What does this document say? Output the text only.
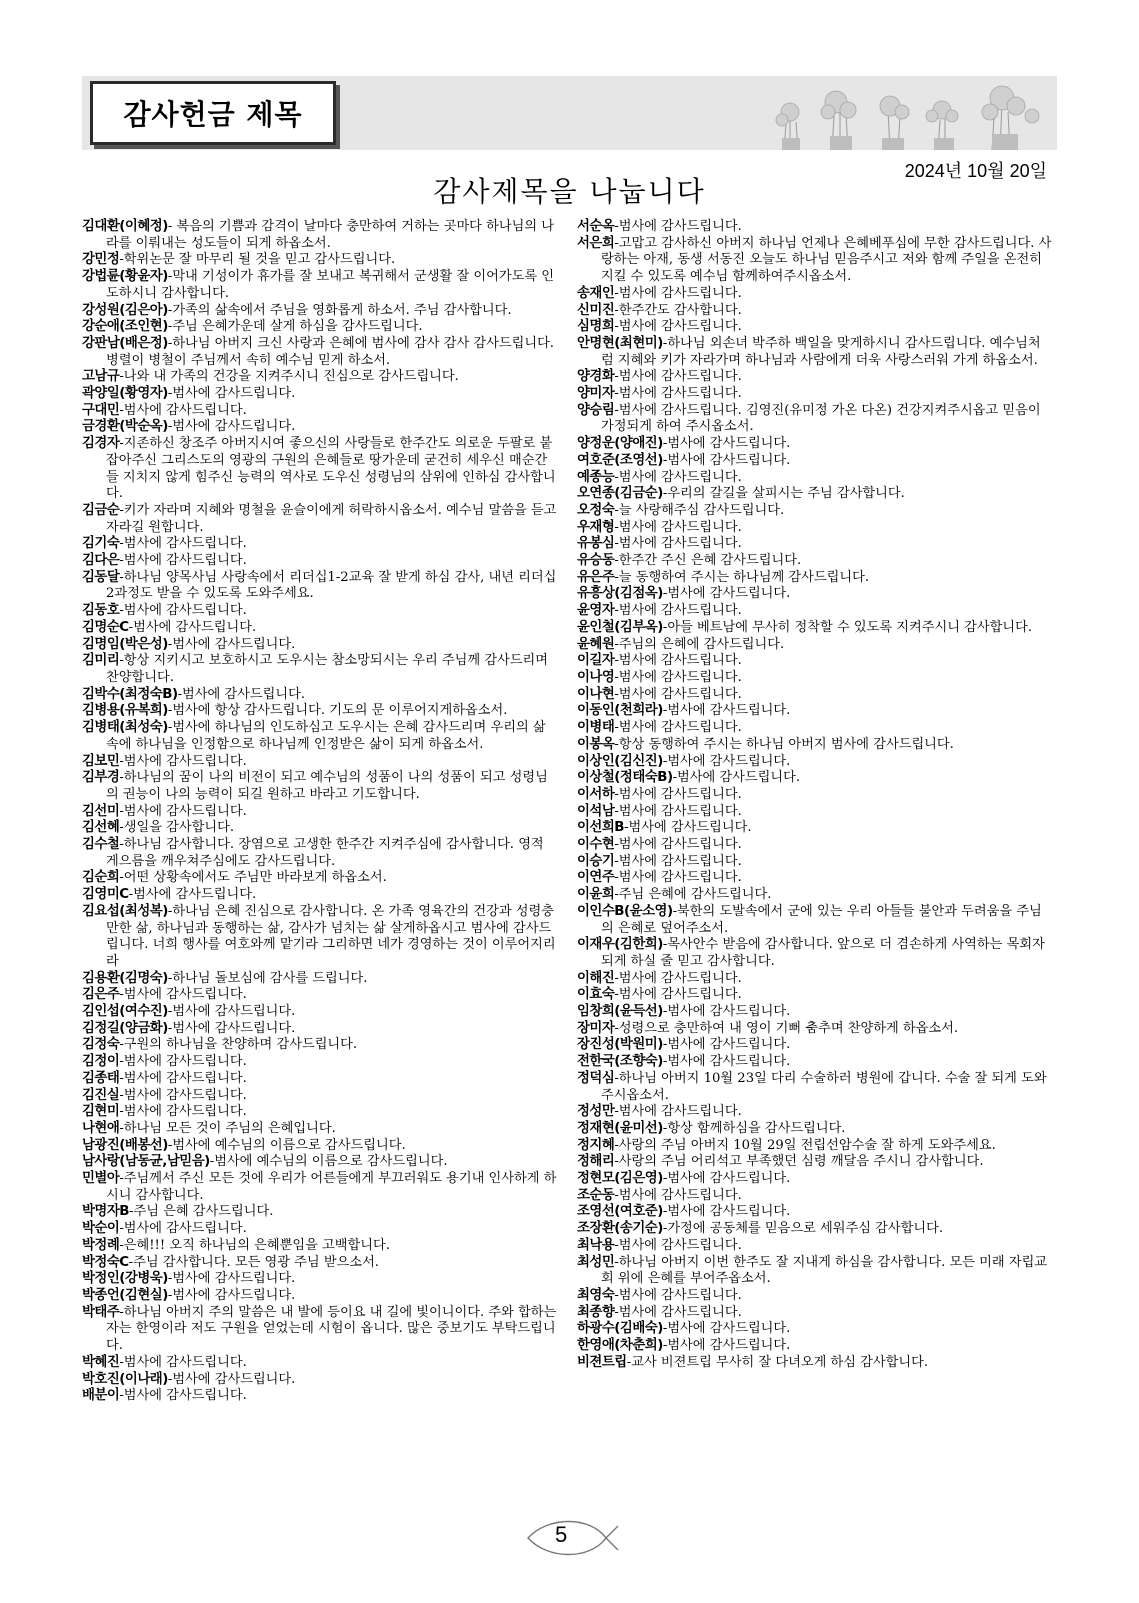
감사헌금 제목
2024년 10월 20일
감사제목을 나눕니다

김대환(이혜정)- 복음의 기쁨과 감격이 날마다 충만하여 거하는 곳마다 하나님의 나라를 이뤄내는 성도들이 되게 하옵소서.

강민정-학위논문 잘 마무리 될 것을 믿고 감사드립니다.

강법륜(황윤자)-막내 기성이가 휴가를 잘 보내고 복귀해서 군생활 잘 이어가도록 인도하시니 감사합니다.

강성원(김은아)-가족의 삶속에서 주님을 영화롭게 하소서. 주님 감사합니다.

강순애(조인현)-주님 은혜가운데 살게 하심을 감사드립니다.

강판남(배은정)-하나님 아버지 크신 사랑과 은혜에 범사에 감사 감사 감사드립니다. 병렬이 병철이 주님께서 속히 예수님 믿게 하소서.

고남규-나와 내 가족의 건강을 지켜주시니 진심으로 감사드립니다.

곽양일(황영자)-범사에 감사드립니다.

구대민-범사에 감사드립니다.

금경환(박순옥)-범사에 감사드립니다.

김경자-지존하신 창조주 아버지시여 좋으신의 사랑들로 한주간도 의로운 두팔로 붙잡아주신 그리스도의 영광의 구원의 은혜들로 땅가운데 굳건히 세우신 매순간들 지치지 않게 힘주신 능력의 역사로 도우신 성령님의 삼위에 인하심 감사합니다.

김금순-키가 자라며 지혜와 명철을 윤슬이에게 허락하시옵소서. 예수님 말씀을 듣고 자라길 원합니다.

김기숙-범사에 감사드립니다.

김다은-범사에 감사드립니다.

김동달-하나님 양목사님 사랑속에서 리더십1-2교육 잘 받게 하심 감사, 내년 리더십2과정도 받을 수 있도록 도와주세요.

김동호-범사에 감사드립니다.

김명순C-범사에 감사드립니다.

김명임(박은성)-범사에 감사드립니다.

김미리-항상 지키시고 보호하시고 도우시는 참소망되시는 우리 주님께 감사드리며 찬양합니다.

김박수(최정숙B)-범사에 감사드립니다.

김병용(유복희)-범사에 항상 감사드립니다. 기도의 문 이루어지게하옵소서.

김병태(최성숙)-범사에 하나님의 인도하심고 도우시는 은혜 감사드리며 우리의 삶속에 하나님을 인정함으로 하나님께 인정받은 삶이 되게 하옵소서.

김보민-범사에 감사드립니다.

김부경-하나님의 꿈이 나의 비전이 되고 예수님의 성품이 나의 성품이 되고 성령님의 권능이 나의 능력이 되길 원하고 바라고 기도합니다.

김선미-범사에 감사드립니다.

김선혜-생일을 감사합니다.

김수철-하나님 감사합니다. 장염으로 고생한 한주간 지켜주심에 감사합니다. 영적 게으름을 깨우쳐주심에도 감사드립니다.

김순희-어떤 상황속에서도 주님만 바라보게 하옵소서.

김영미C-범사에 감사드립니다.

김요섭(최성복)-하나님 은혜 진심으로 감사합니다. 온 가족 영육간의 건강과 성령충만한 삶, 하나님과 동행하는 삶, 감사가 넘치는 삶 살게하옵시고 범사에 감사드립니다. 너희 행사를 여호와께 맡기라 그리하면 네가 경영하는 것이 이루어지리라

김용환(김명숙)-하나님 돌보심에 감사를 드립니다.

김은주-범사에 감사드립니다.

김인섭(여수진)-범사에 감사드립니다.

김정길(양금화)-범사에 감사드립니다.

김정숙-구원의 하나님을 찬양하며 감사드립니다.

김정이-범사에 감사드립니다.

김종태-범사에 감사드립니다.

김진실-범사에 감사드립니다.

김현미-범사에 감사드립니다.

나현애-하나님 모든 것이 주님의 은혜입니다.

남광진(배봉선)-범사에 예수님의 이름으로 감사드립니다.

남사랑(남동균,남믿음)-범사에 예수님의 이름으로 감사드립니다.

민별아-주님께서 주신 모든 것에 우리가 어른들에게 부끄러워도 용기내 인사하게 하시니 감사합니다.

박명자B-주님 은혜 감사드립니다.

박순이-범사에 감사드립니다.

박정례-은혜!!! 오직 하나님의 은혜뿐임을 고백합니다.

박정숙C-주님 감사합니다. 모든 영광 주님 받으소서.

박정인(강병욱)-범사에 감사드립니다.

박종언(김현실)-범사에 감사드립니다.

박태주-하나님 아버지 주의 말씀은 내 발에 등이요 내 길에 빛이니이다. 주와 합하는 자는 한영이라 저도 구원을 얻었는데 시험이 옵니다. 많은 중보기도 부탁드립니다.

박혜진-범사에 감사드립니다.

박호진(이나래)-범사에 감사드립니다.

배분이-범사에 감사드립니다.

서순옥-범사에 감사드립니다.

서은희-고맙고 감사하신 아버지 하나님 언제나 은혜베푸심에 무한 감사드립니다. 사랑하는 아재, 동생 서동진 오늘도 하나님 믿음주시고 저와 함께 주일을 온전히 지킬 수 있도록 예수님 함께하여주시옵소서.

송재인-범사에 감사드립니다.

신미진-한주간도 감사합니다.

심명희-범사에 감사드립니다.

안명현(최현미)-하나님 외손녀 박주하 백일을 맞게하시니 감사드립니다. 예수님처럼 지혜와 키가 자라가며 하나님과 사람에게 더욱 사랑스러워 가게 하옵소서.

양경화-범사에 감사드립니다.

양미자-범사에 감사드립니다.

양승림-범사에 감사드립니다. 김영진(유미정 가온 다온) 건강지켜주시옵고 믿음이 가정되게 하여 주시옵소서.

양정운(양애진)-범사에 감사드립니다.

여호준(조영선)-범사에 감사드립니다.

예종능-범사에 감사드립니다.

오연종(김금순)-우리의 갈길을 살피시는 주님 감사합니다.

오정숙-늘 사랑해주심 감사드립니다.

우재형-범사에 감사드립니다.

유봉심-범사에 감사드립니다.

유승동-한주간 주신 은혜 감사드립니다.

유은주-늘 동행하여 주시는 하나님께 감사드립니다.

유흥상(김점옥)-범사에 감사드립니다.

윤영자-범사에 감사드립니다.

윤인철(김부옥)-아들 베트남에 무사히 정착할 수 있도록 지켜주시니 감사합니다.

윤혜원-주님의 은혜에 감사드립니다.

이길자-범사에 감사드립니다.

이나영-범사에 감사드립니다.

이나현-범사에 감사드립니다.

이동인(천희라)-범사에 감사드립니다.

이병태-범사에 감사드립니다.

이봉옥-항상 동행하여 주시는 하나님 아버지 범사에 감사드립니다.

이상인(김신진)-범사에 감사드립니다.

이상철(정태숙B)-범사에 감사드립니다.

이서하-범사에 감사드립니다.

이석남-범사에 감사드립니다.

이선희B-범사에 감사드립니다.

이수현-범사에 감사드립니다.

이승기-범사에 감사드립니다.

이연주-범사에 감사드립니다.

이윤희-주님 은혜에 감사드립니다.

이인수B(윤소영)-북한의 도발속에서 군에 있는 우리 아들들 불안과 두려움을 주님의 은혜로 덮어주소서.

이재우(김한희)-목사안수 받음에 감사합니다. 앞으로 더 겸손하게 사역하는 목회자 되게 하실 줄 믿고 감사합니다.

이해진-범사에 감사드립니다.

이효숙-범사에 감사드립니다.

임창희(윤득선)-범사에 감사드립니다.

장미자-성령으로 충만하여 내 영이 기뻐 춤추며 찬양하게 하옵소서.

장진성(박원미)-범사에 감사드립니다.

전한국(조향숙)-범사에 감사드립니다.

정덕심-하나님 아버지 10월 23일 다리 수술하러 병원에 갑니다. 수술 잘 되게 도와주시옵소서.

정성만-범사에 감사드립니다.

정재현(윤미선)-항상 함께하심을 감사드립니다.

정지혜-사랑의 주님 아버지 10월 29일 전립선암수술 잘 하게 도와주세요.

정해리-사랑의 주님 어리석고 부족했던 심령 깨달음 주시니 감사합니다.

정현모(김은영)-범사에 감사드립니다.

조순동-범사에 감사드립니다.

조영선(여호준)-범사에 감사드립니다.

조장환(송기순)-가정에 공동체를 믿음으로 세워주심 감사합니다.

최낙용-범사에 감사드립니다.

최성민-하나님 아버지 이번 한주도 잘 지내게 하심을 감사합니다. 모든 미래 자립교회 위에 은혜를 부어주옵소서.

최영숙-범사에 감사드립니다.

최종향-범사에 감사드립니다.

하광수(김배숙)-범사에 감사드립니다.

한영애(차춘희)-범사에 감사드립니다.

비젼트립-교사 비젼트립 무사히 잘 다녀오게 하심 감사합니다.

5
